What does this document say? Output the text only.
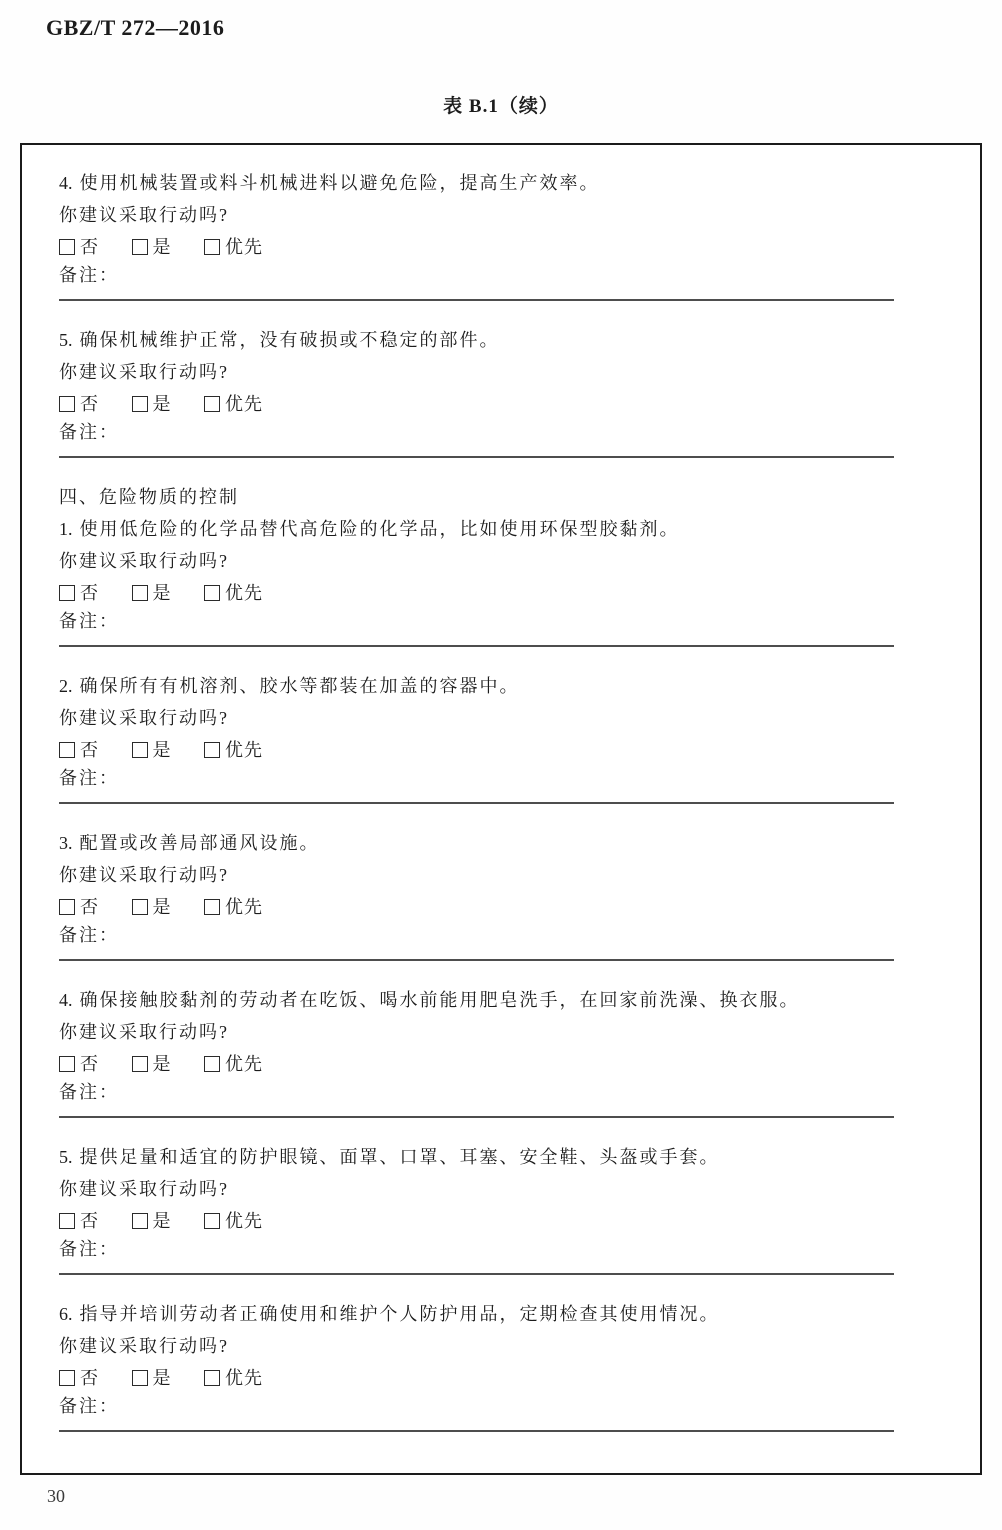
GBZ/T 272—2016
表 B.1（续）
4. 使用机械装置或料斗机械进料以避免危险，提高生产效率。
你建议采取行动吗?
否	是	优先
备注：
5. 确保机械维护正常，没有破损或不稳定的部件。
你建议采取行动吗?
否	是	优先
备注：
四、危险物质的控制
1. 使用低危险的化学品替代高危险的化学品，比如使用环保型胶黏剂。
你建议采取行动吗?
否	是	优先
备注：
2. 确保所有有机溶剂、胶水等都装在加盖的容器中。
你建议采取行动吗?
否	是	优先
备注：
3. 配置或改善局部通风设施。
你建议采取行动吗?
否	是	优先
备注：
4. 确保接触胶黏剂的劳动者在吃饭、喝水前能用肥皂洗手，在回家前洗澡、换衣服。
你建议采取行动吗?
否	是	优先
备注：
5. 提供足量和适宜的防护眼镜、面罩、口罩、耳塞、安全鞋、头盔或手套。
你建议采取行动吗?
否	是	优先
备注：
6. 指导并培训劳动者正确使用和维护个人防护用品，定期检查其使用情况。
你建议采取行动吗?
否	是	优先
备注：
30
